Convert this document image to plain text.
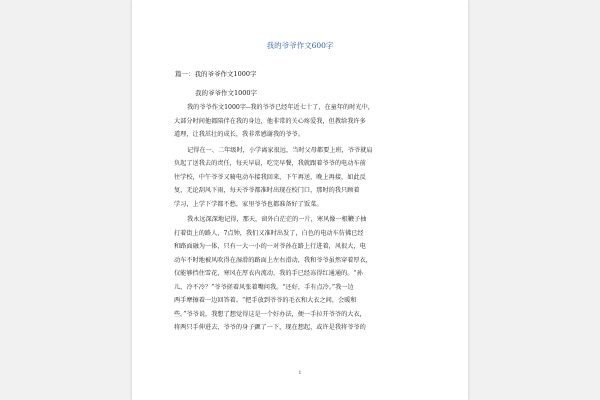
我的爷爷作文600字
篇一：我的爷爷作文1000字
我的爷爷作文1000字
我的爷爷作文1000字--我的爷爷已经年近七十了，在童年的时光中，
大部分时间他都陪伴在我的身边，他非常的关心疼爱我，但教给我许多
道理，让我茁壮的成长，我非常感谢我的爷爷。
记得在一、二年级时，小学离家很远，当时父母都要上班，爷爷就肩
负起了送我去的责任，每天早晨，吃完早餐，我就跟着爷爷的电动车前
往学校，中午爷爷又骑电动车接我回来，下午再送，晚上再接，如此反
复，无论刮风下雨，每天爷爷都准时出现在校门口，那时的我只顾着
学习，上学下学都不愁，家里爷爷也都准备好了饭菜。
我永远深深地记得，那天，窗外白茫茫的一片，寒风像一根鞭子抽
打着街上的路人，7点钟，我们又准时出发了，白色的电动车仿佛已经
和路面融为一体，只有一大一小的一对爷孙在路上行进着，风很大，电
动车不时地被风吹得在湿滑的路面上左右滑动，我和爷爷虽然穿着厚衣，
仅能够挡住雪花，寒风在厚衣内流动，我的手已经冻得红通通的。“孙
儿，冷不冷？”爷爷搓着风张着嘴问我。“还好，手有点冷。”我一边
两手摩擦着一边回答着。“把手放到爷爷的毛衣和大衣之间，会暖和
些。”爷爷说，我想了想觉得这是一个好办法，便一手拉开爷爷的大衣，
将两只手伸进去，爷爷的身子颤了一下，现在想起，或许是我将爷爷的
1
